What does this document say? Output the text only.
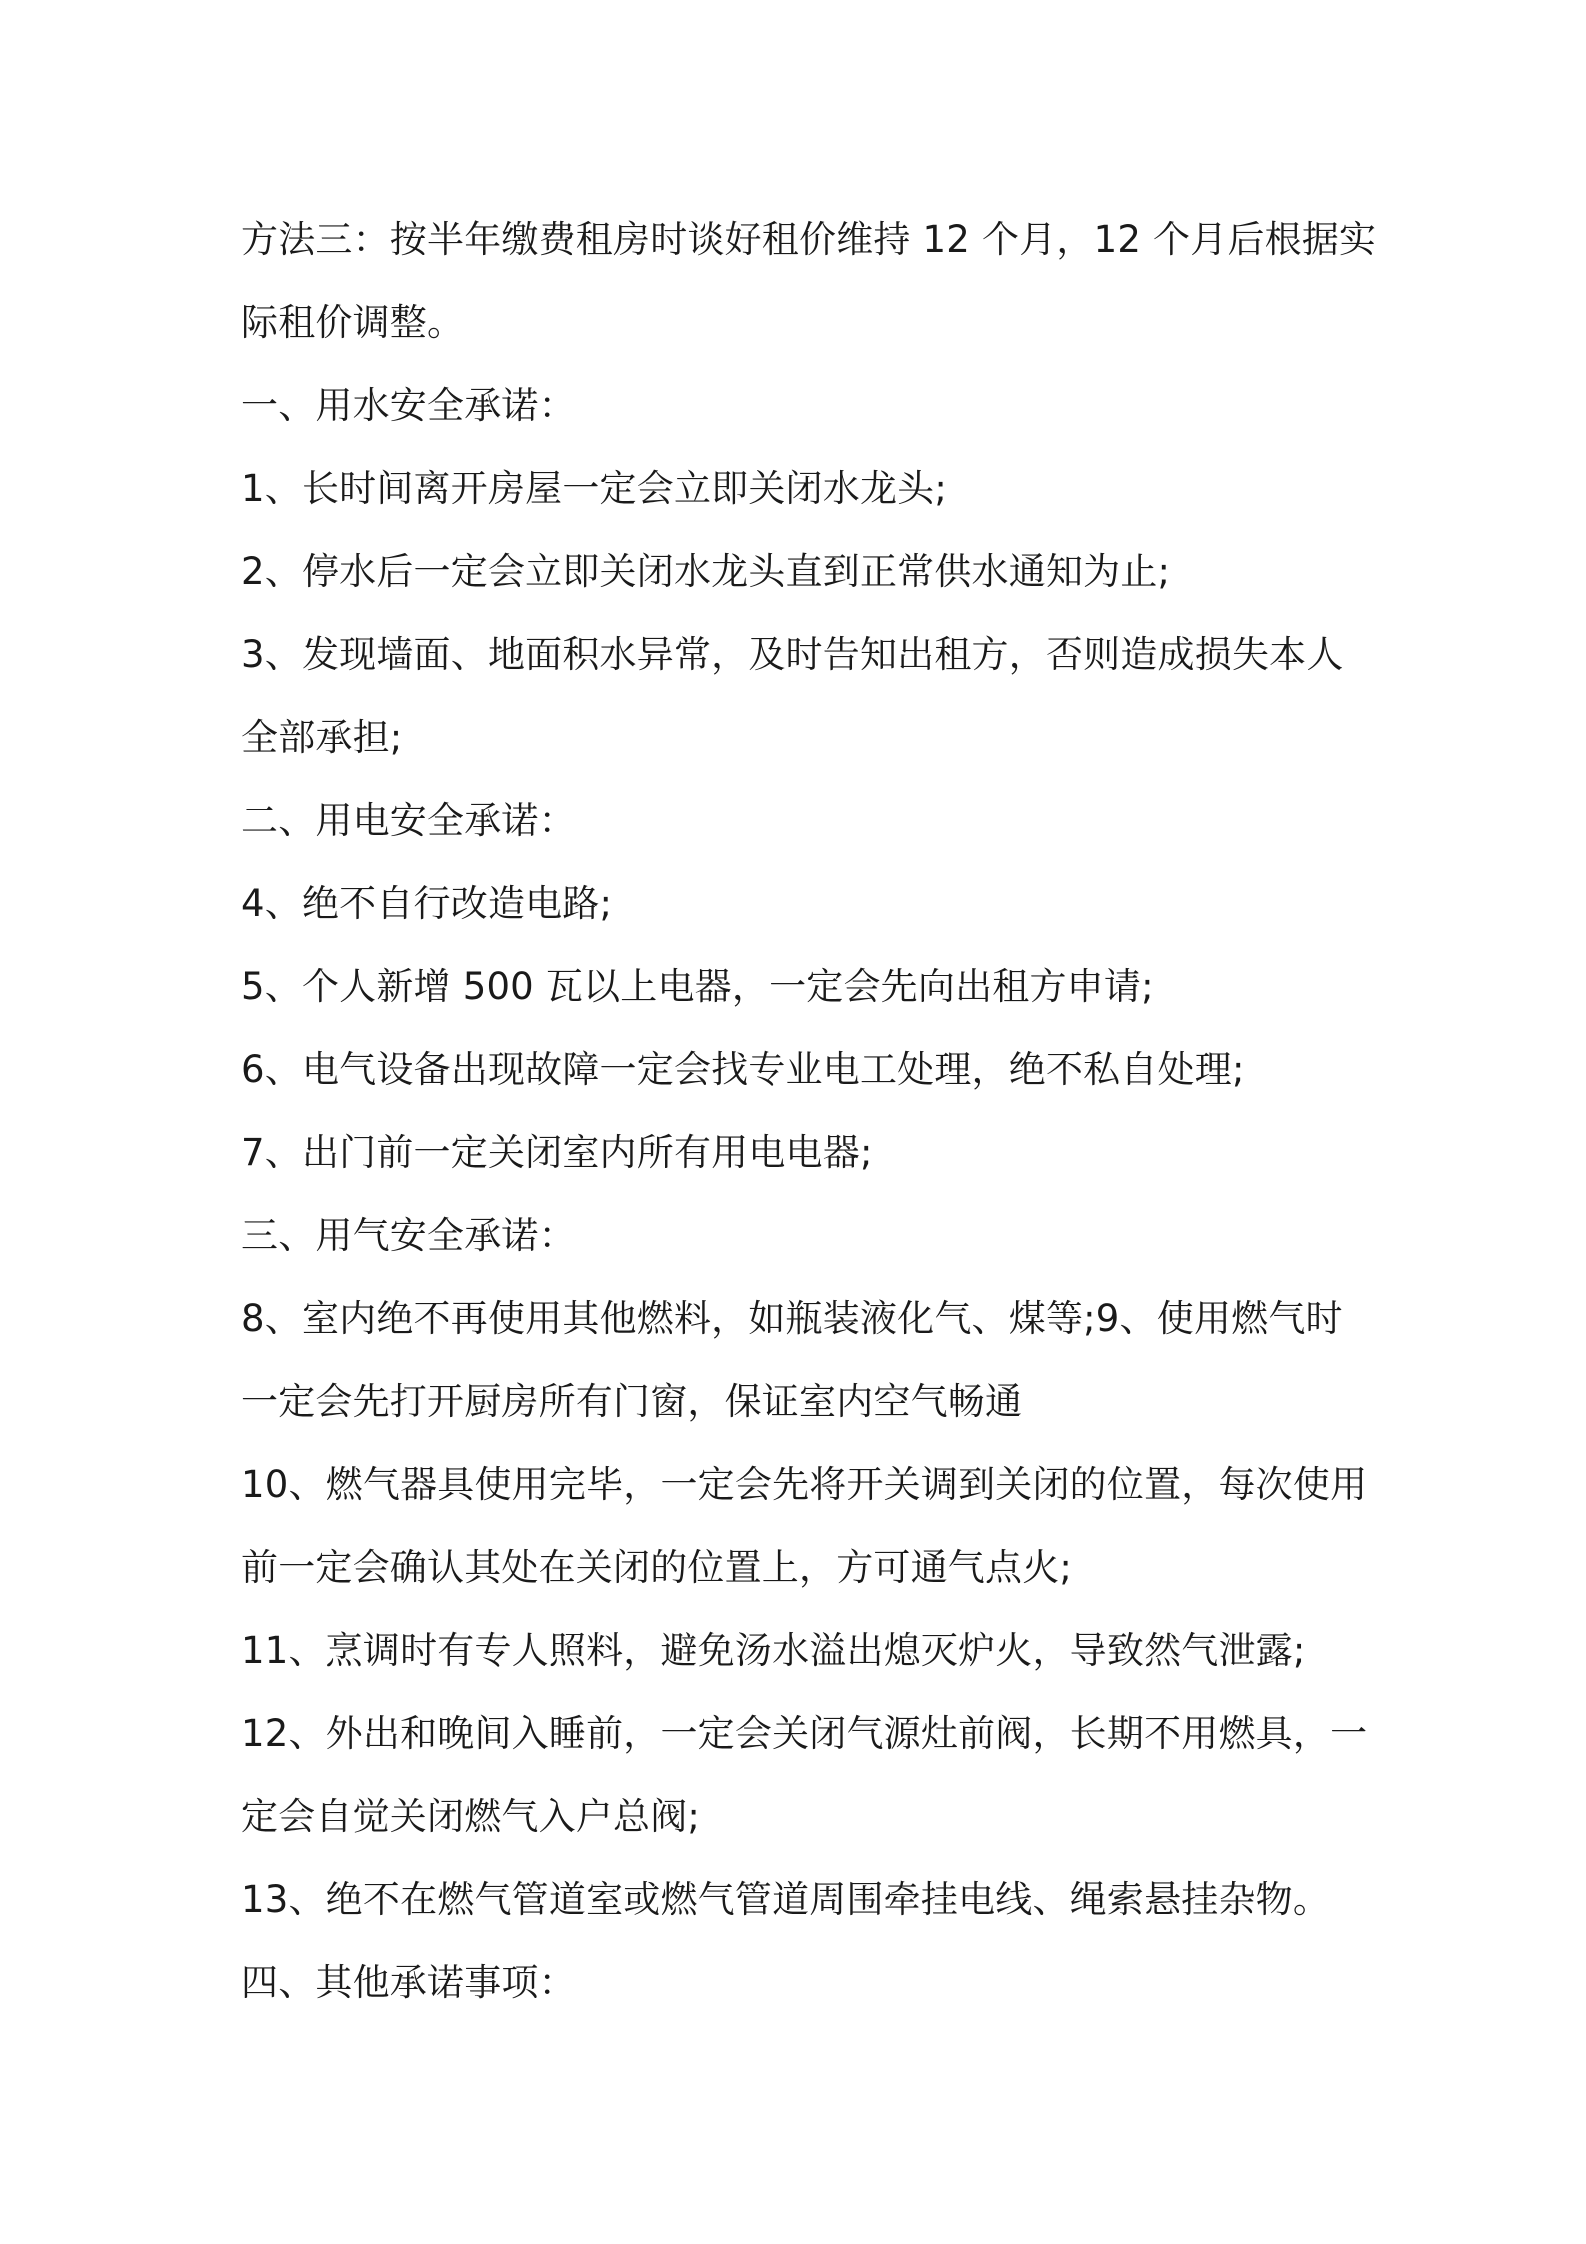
方法三：按半年缴费租房时谈好租价维持 12 个月，12 个月后根据实
际租价调整。
一、用水安全承诺：
1、长时间离开房屋一定会立即关闭水龙头;
2、停水后一定会立即关闭水龙头直到正常供水通知为止;
3、发现墙面、地面积水异常，及时告知出租方，否则造成损失本人
全部承担;
二、用电安全承诺：
4、绝不自行改造电路;
5、个人新增 500 瓦以上电器，一定会先向出租方申请;
6、电气设备出现故障一定会找专业电工处理，绝不私自处理;
7、出门前一定关闭室内所有用电电器;
三、用气安全承诺：
8、室内绝不再使用其他燃料，如瓶装液化气、煤等;9、使用燃气时
一定会先打开厨房所有门窗，保证室内空气畅通
10、燃气器具使用完毕，一定会先将开关调到关闭的位置，每次使用
前一定会确认其处在关闭的位置上，方可通气点火;
11、烹调时有专人照料，避免汤水溢出熄灭炉火，导致然气泄露;
12、外出和晚间入睡前，一定会关闭气源灶前阀，长期不用燃具，一
定会自觉关闭燃气入户总阀;
13、绝不在燃气管道室或燃气管道周围牵挂电线、绳索悬挂杂物。
四、其他承诺事项：
